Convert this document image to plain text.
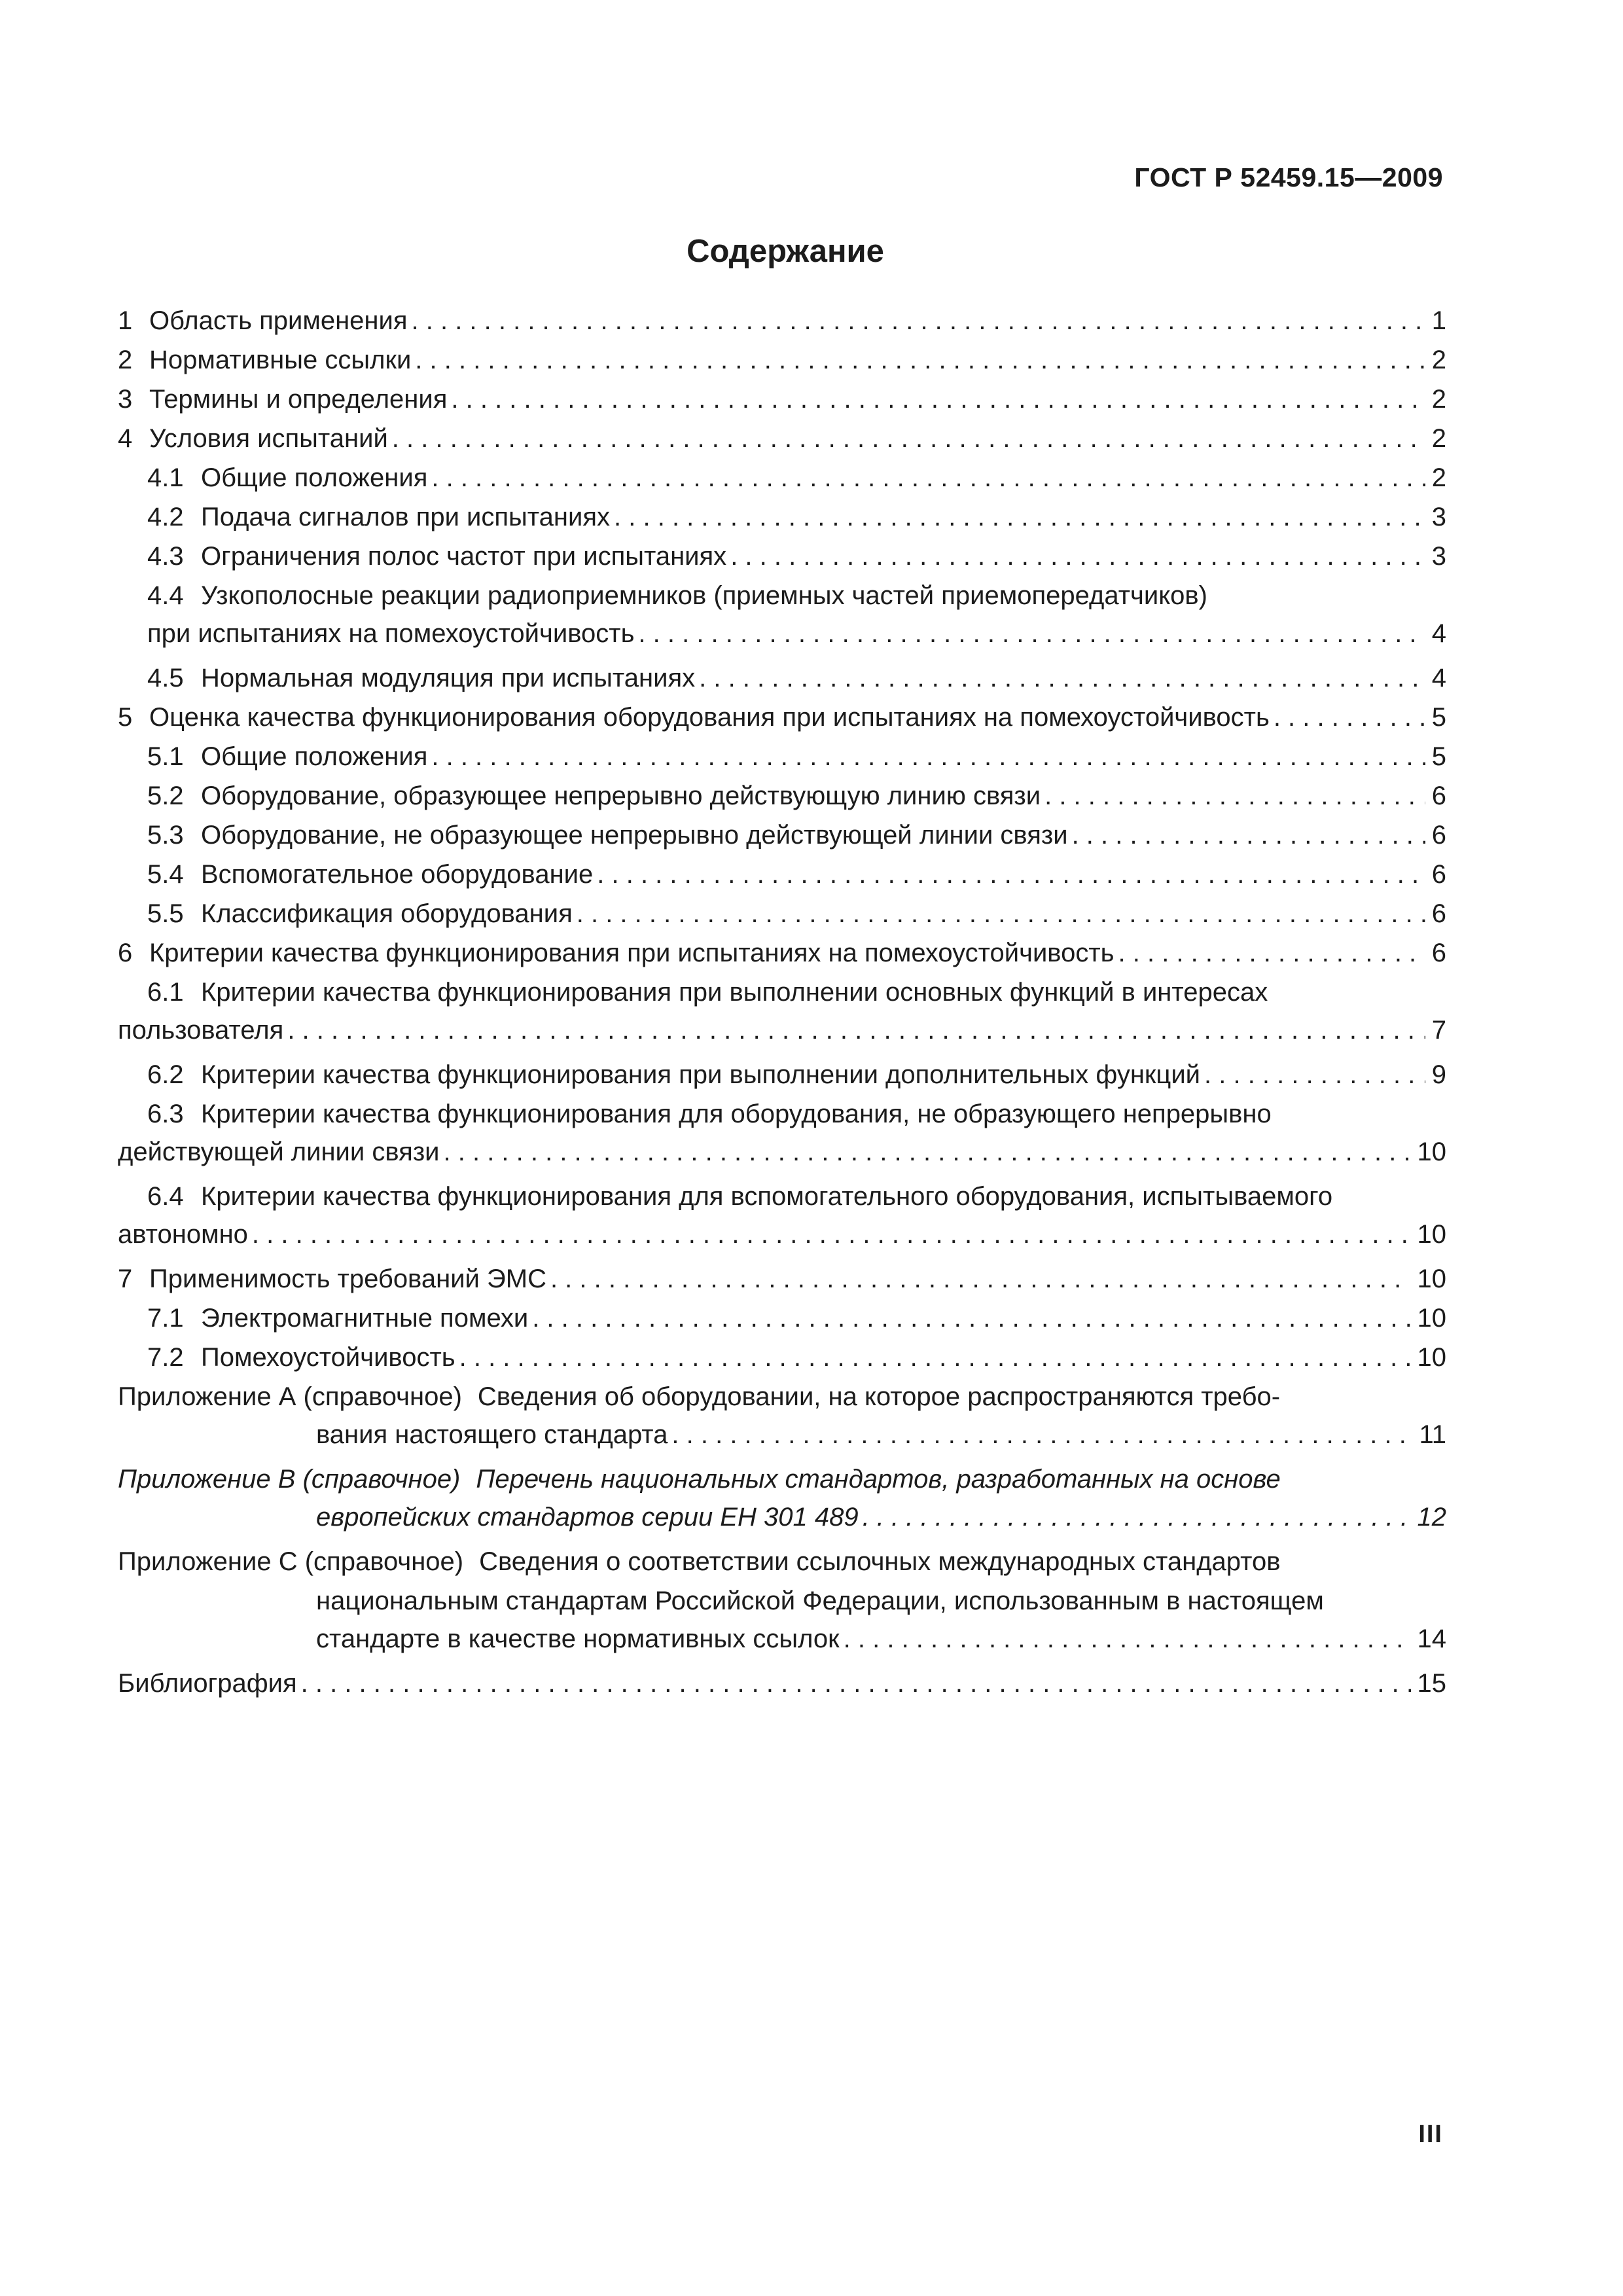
ГОСТ Р 52459.15—2009
Содержание
1 Область применения . . .	1
2 Нормативные ссылки . . .	2
3 Термины и определения . . .	2
4 Условия испытаний . . .	2
4.1 Общие положения . . .	2
4.2 Подача сигналов при испытаниях . . .	3
4.3 Ограничения полос частот при испытаниях . . .	3
4.4 Узкополосные реакции радиоприемников (приемных частей приемопередатчиков)
при испытаниях на помехоустойчивость . . .	4
4.5 Нормальная модуляция при испытаниях . . .	4
5 Оценка качества функционирования оборудования при испытаниях на помехоустойчивость . . .	5
5.1 Общие положения . . .	5
5.2 Оборудование, образующее непрерывно действующую линию связи . . .	6
5.3 Оборудование, не образующее непрерывно действующей линии связи . . .	6
5.4 Вспомогательное оборудование . . .	6
5.5 Классификация оборудования . . .	6
6 Критерии качества функционирования при испытаниях на помехоустойчивость . . .	6
6.1 Критерии качества функционирования при выполнении основных функций в интересах
пользователя . . .	7
6.2 Критерии качества функционирования при выполнении дополнительных функций . . .	9
6.3 Критерии качества функционирования для оборудования, не образующего непрерывно
действующей линии связи . . .	10
6.4 Критерии качества функционирования для вспомогательного оборудования, испытываемого
автономно . . .	10
7 Применимость требований ЭМС . . .	10
7.1 Электромагнитные помехи . . .	10
7.2 Помехоустойчивость . . .	10
Приложение А (справочное) Сведения об оборудовании, на которое распространяются требо-
вания настоящего стандарта . . .	11
Приложение В (справочное) Перечень национальных стандартов, разработанных на основе
европейских стандартов серии ЕН 301 489 . . .	12
Приложение С (справочное) Сведения о соответствии ссылочных международных стандартов
национальным стандартам Российской Федерации, использованным в настоящем
стандарте в качестве нормативных ссылок . . .	14
Библиография . . .	15
III
